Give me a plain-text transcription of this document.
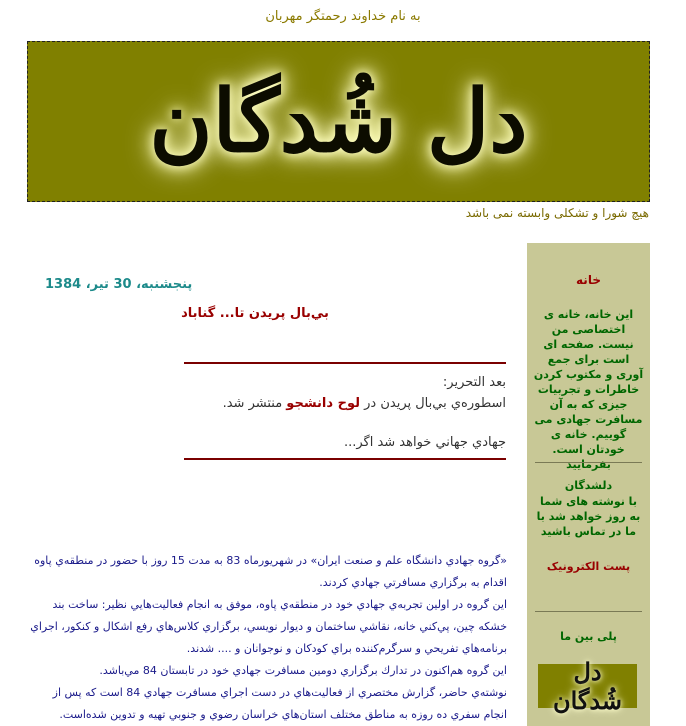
به نام خداوند رحمتگر مهربان
دل شُدگان
هیچ شورا و تشکلی وابسته نمی باشد
خانه
این خانه، خانه ی اختصاصی من نیست. صفحه ای است برای جمع آوری و مکتوب کردن خاطرات و تجربیات جیزی که به آن مسافرت جهادی می گوییم. خانه ی خودتان است. بفرمایید
دلشدگان
با نوشته های شما به روز خواهد شد با ما در تماس باشید
پست الکترونیک
پلی بین ما
دل شُدگان
پنجشنبه، 30 تیر، 1384
بي‌بال پريدن تا... گناباد
بعد التحرير:
اسطوره‌ي بي‌بال پريدن در لوح دانشجو منتشر شد.
جهادي جهاني خواهد شد اگر...

«گروه جهادي دانشگاه علم و صنعت ايران» در شهريورماه 83 به مدت 15 روز با حضور در منطقه‌ي پاوه اقدام به برگزاري مسافرتي جهادي كردند.

اين گروه در اولين تجربه‌ي جهادي خود در منطقه‌ي پاوه، موفق به انجام فعاليت‌هايي نظير: ساخت بند خشكه چين، پي‌كني خانه، نقاشي ساختمان و ديوار نويسي، برگزاري كلاس‌هاي رفع اشكال و كنكور، اجراي برنامه‌هاي تفريحي و سرگرم‌كننده براي كودكان و نوجوانان و .... شدند.

اين گروه هم‌اكنون در تدارك برگزاري دومين مسافرت جهادي خود در تابستان 84 مي‌باشد.

نوشته‌ي حاضر، گزارش مختصري از فعاليت‌هاي در دست اجراي مسافرت جهادي 84 است كه پس از انجام سفري ده روزه به مناطق مختلف استان‌هاي خراسان رضوي و جنوبي تهيه و تدوين شده‌است.
